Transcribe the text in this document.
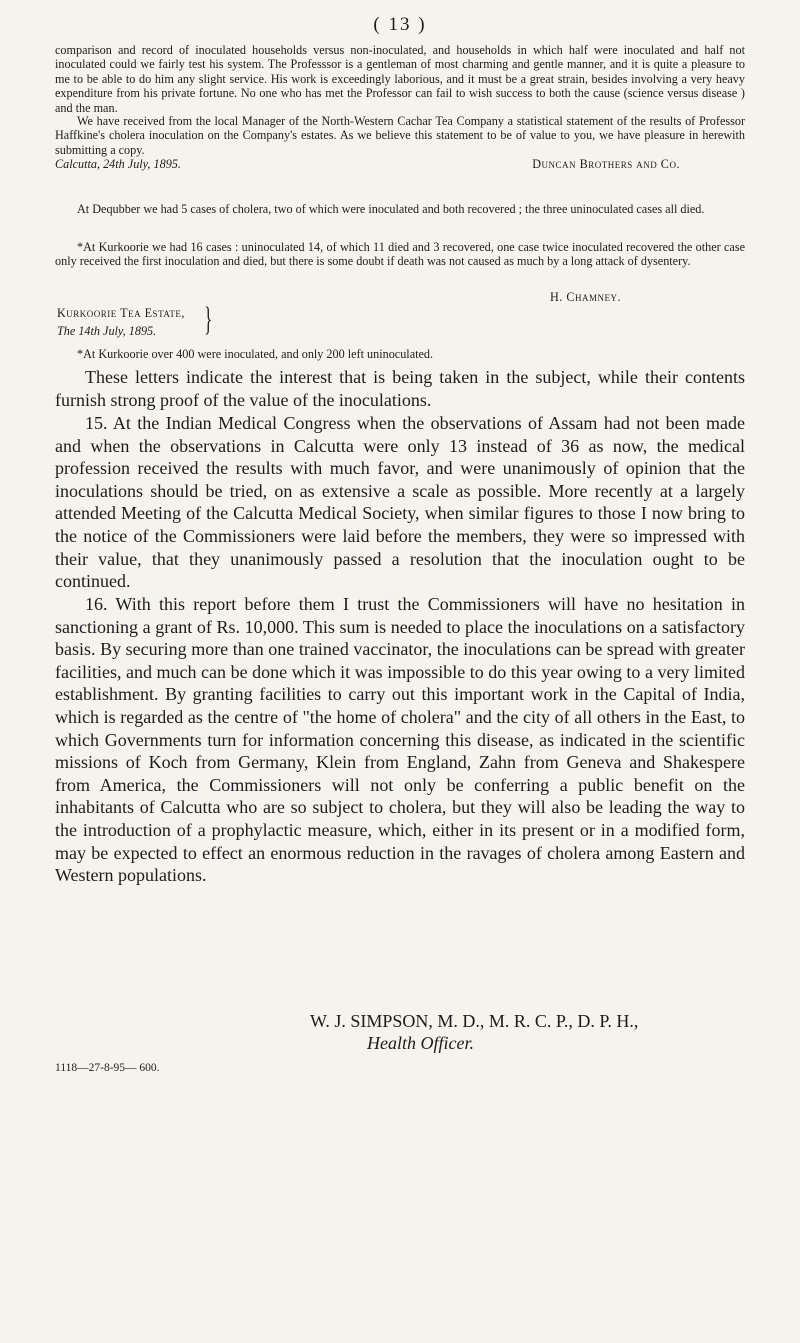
( 13 )

comparison and record of inoculated households versus non-inoculated, and households in which half were inoculated and half not inoculated could we fairly test his system. The Professsor is a gentleman of most charming and gentle manner, and it is quite a pleasure to me to be able to do him any slight service. His work is exceedingly laborious, and it must be a great strain, besides involving a very heavy expenditure from his private fortune. No one who has met the Professor can fail to wish success to both the cause (science versus disease ) and the man.

We have received from the local Manager of the North-Western Cachar Tea Company a statistical statement of the results of Professor Haffkine's cholera inoculation on the Company's estates. As we believe this statement to be of value to you, we have pleasure in herewith submitting a copy.

Calcutta, 24th July, 1895.	Duncan Brothers and Co.

At Dequbber we had 5 cases of cholera, two of which were inoculated and both recovered ; the three uninoculated cases all died.

*At Kurkoorie we had 16 cases : uninoculated 14, of which 11 died and 3 recovered, one case twice inoculated recovered the other case only received the first inoculation and died, but there is some doubt if death was not caused as much by a long attack of dysentery.

H. Chamney.
Kurkoorie Tea Estate,
The 14th July, 1895. }

*At Kurkoorie over 400 were inoculated, and only 200 left uninoculated.

These letters indicate the interest that is being taken in the subject, while their contents furnish strong proof of the value of the inoculations.

15. At the Indian Medical Congress when the observations of Assam had not been made and when the observations in Calcutta were only 13 instead of 36 as now, the medical profession received the results with much favor, and were unanimously of opinion that the inoculations should be tried, on as extensive a scale as possible. More recently at a largely attended Meeting of the Calcutta Medical Society, when similar figures to those I now bring to the notice of the Commissioners were laid before the members, they were so impressed with their value, that they unanimously passed a resolution that the inoculation ought to be continued.

16. With this report before them I trust the Commissioners will have no hesitation in sanctioning a grant of Rs. 10,000. This sum is needed to place the inoculations on a satisfactory basis. By securing more than one trained vaccinator, the inoculations can be spread with greater facilities, and much can be done which it was impossible to do this year owing to a very limited establishment. By granting facilities to carry out this important work in the Capital of India, which is regarded as the centre of "the home of cholera" and the city of all others in the East, to which Governments turn for information concerning this disease, as indicated in the scientific missions of Koch from Germany, Klein from England, Zahn from Geneva and Shakespere from America, the Commissioners will not only be conferring a public benefit on the inhabitants of Calcutta who are so subject to cholera, but they will also be leading the way to the introduction of a prophylactic measure, which, either in its present or in a modified form, may be expected to effect an enormous reduction in the ravages of cholera among Eastern and Western populations.

W. J. SIMPSON, M. D., M. R. C. P., D. P. H.,
Health Officer.
1118—27-8-95— 600.
